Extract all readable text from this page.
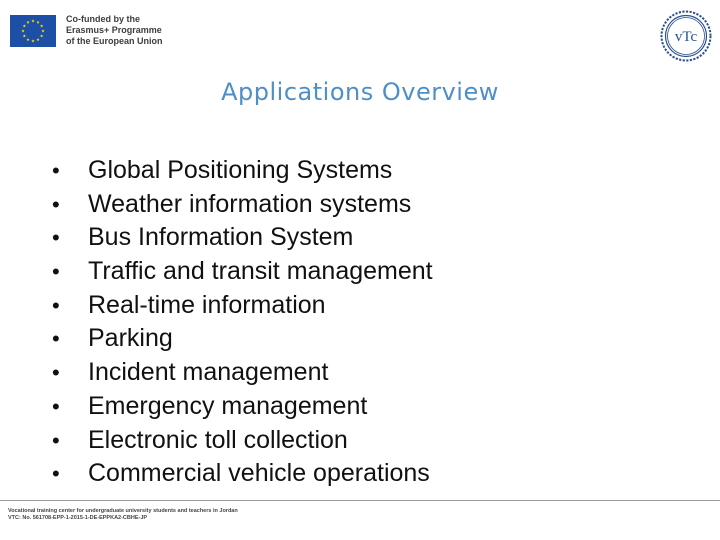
Co-funded by the
Erasmus+ Programme
of the European Union	vTc
Applications Overview
• Global Positioning Systems
• Weather information systems
• Bus Information System
• Traffic and transit management
• Real-time information
• Parking
• Incident management
• Emergency management
• Electronic toll collection
• Commercial vehicle operations
Vocational training center for undergraduate university students and teachers in Jordan
VTC: No. 561708-EPP-1-2015-1-DE-EPPKA2-CBHE-JP
